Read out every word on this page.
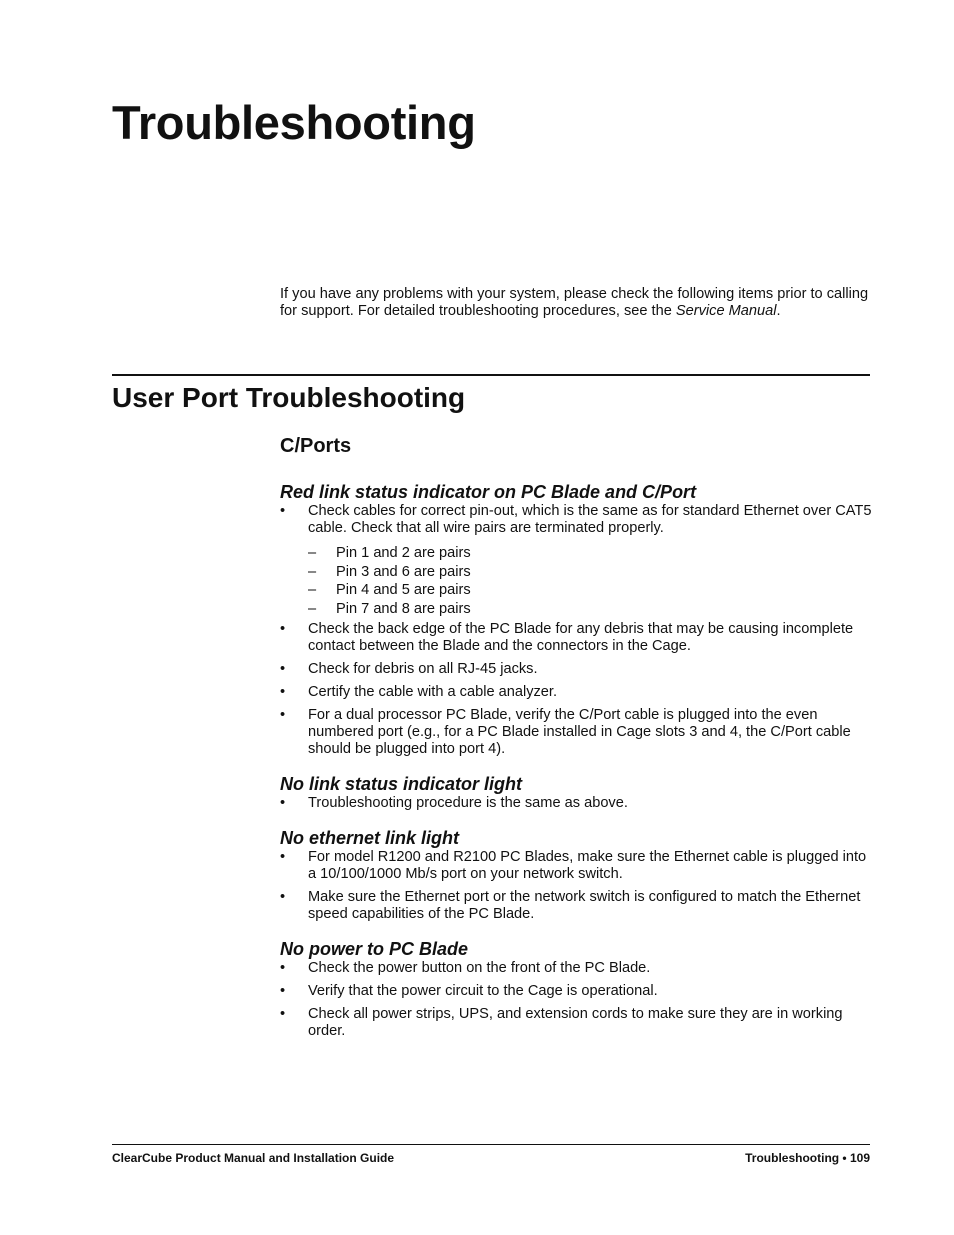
Troubleshooting

If you have any problems with your system, please check the following items prior to calling for support. For detailed troubleshooting procedures, see the Service Manual.

User Port Troubleshooting
C/Ports
Red link status indicator on PC Blade and C/Port
• Check cables for correct pin-out, which is the same as for standard Ethernet over CAT5 cable. Check that all wire pairs are terminated properly.
– Pin 1 and 2 are pairs
– Pin 3 and 6 are pairs
– Pin 4 and 5 are pairs
– Pin 7 and 8 are pairs
• Check the back edge of the PC Blade for any debris that may be causing incomplete contact between the Blade and the connectors in the Cage.
• Check for debris on all RJ-45 jacks.
• Certify the cable with a cable analyzer.
• For a dual processor PC Blade, verify the C/Port cable is plugged into the even numbered port (e.g., for a PC Blade installed in Cage slots 3 and 4, the C/Port cable should be plugged into port 4).
No link status indicator light
• Troubleshooting procedure is the same as above.
No ethernet link light
• For model R1200 and R2100 PC Blades, make sure the Ethernet cable is plugged into a 10/100/1000 Mb/s port on your network switch.
• Make sure the Ethernet port or the network switch is configured to match the Ethernet speed capabilities of the PC Blade.
No power to PC Blade
• Check the power button on the front of the PC Blade.
• Verify that the power circuit to the Cage is operational.
• Check all power strips, UPS, and extension cords to make sure they are in working order.
ClearCube Product Manual and Installation Guide	Troubleshooting • 109
